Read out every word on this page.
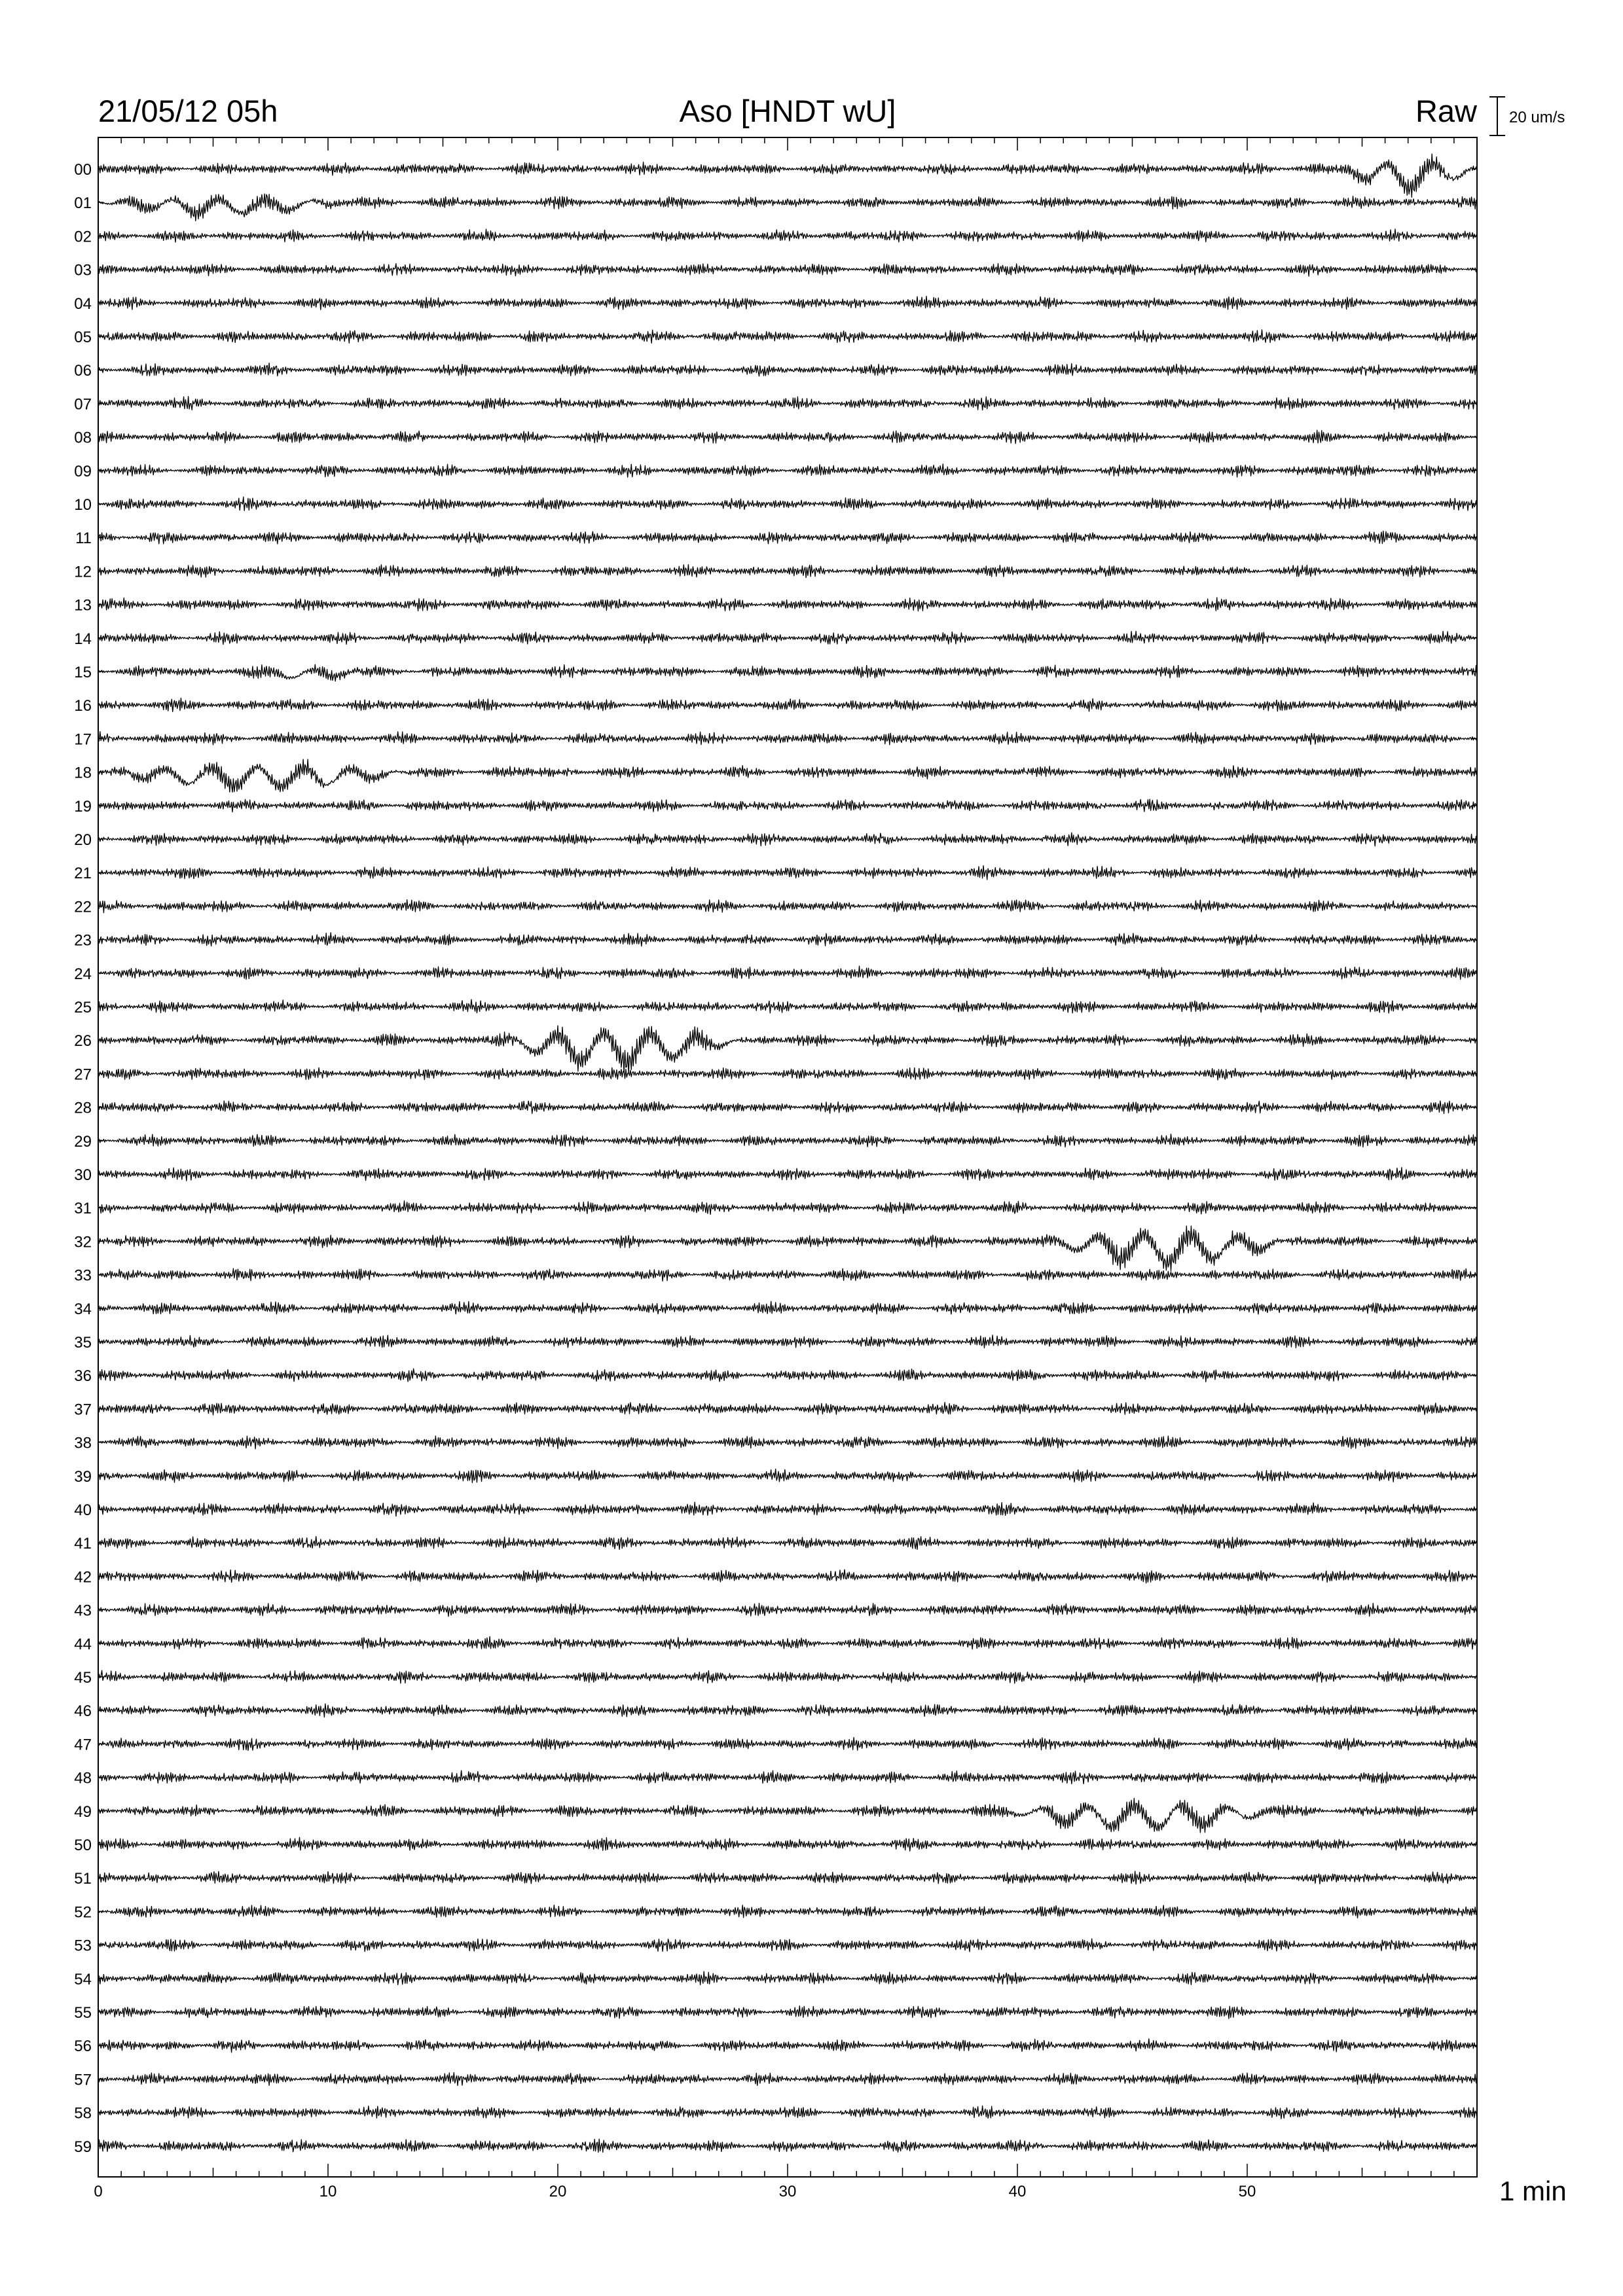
21/05/12 05h	Aso [HNDT wU]	Raw 20 um/s
00
01
02
03
04
05
06
07
08
09
10
11
12
13
14
15
16
17
18
19
20
21
22
23
24
25
26
27
28
29
30
31
32
33
34
35
36
37
38
39
40
41
42
43
44
45
46
47
48
49
50
51
52
53
54
55
56
57
58
59
0	10	20	30	40	50	1 min
